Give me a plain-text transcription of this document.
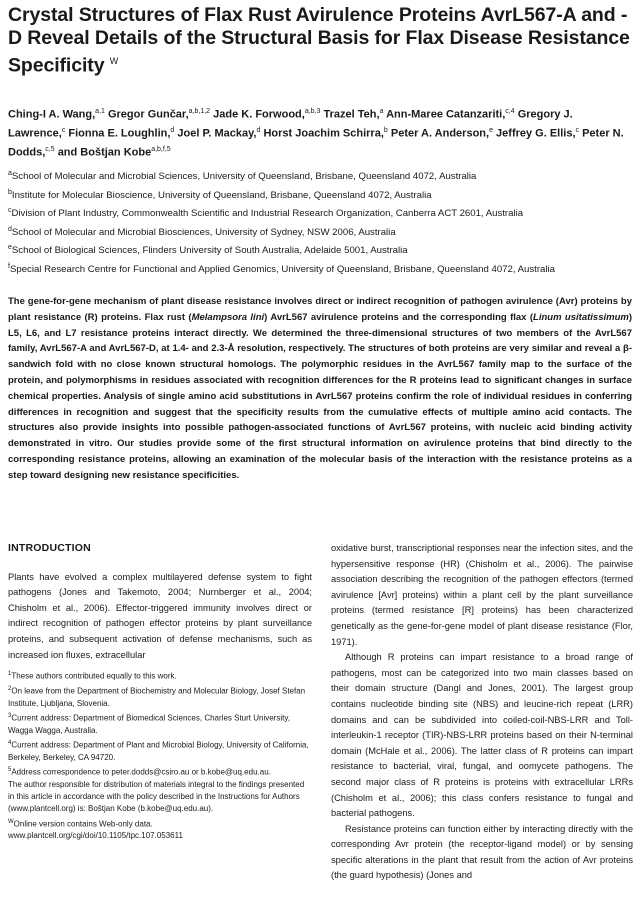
Crystal Structures of Flax Rust Avirulence Proteins AvrL567-A and -D Reveal Details of the Structural Basis for Flax Disease Resistance Specificity $^W$
Ching-I A. Wang,$^{a,1}$ Gregor Gunčar,$^{a,b,1,2}$ Jade K. Forwood,$^{a,b,3}$ Trazel Teh,$^a$ Ann-Maree Catanzariti,$^{c,4}$ Gregory J. Lawrence,$^c$ Fionna E. Loughlin,$^d$ Joel P. Mackay,$^d$ Horst Joachim Schirra,$^b$ Peter A. Anderson,$^e$ Jeffrey G. Ellis,$^c$ Peter N. Dodds,$^{c,5}$ and Boštjan Kobe$^{a,b,f,5}$
$^a$School of Molecular and Microbial Sciences, University of Queensland, Brisbane, Queensland 4072, Australia
$^b$Institute for Molecular Bioscience, University of Queensland, Brisbane, Queensland 4072, Australia
$^c$Division of Plant Industry, Commonwealth Scientific and Industrial Research Organization, Canberra ACT 2601, Australia
$^d$School of Molecular and Microbial Biosciences, University of Sydney, NSW 2006, Australia
$^e$School of Biological Sciences, Flinders University of South Australia, Adelaide 5001, Australia
$^f$Special Research Centre for Functional and Applied Genomics, University of Queensland, Brisbane, Queensland 4072, Australia
The gene-for-gene mechanism of plant disease resistance involves direct or indirect recognition of pathogen avirulence (Avr) proteins by plant resistance (R) proteins. Flax rust (Melampsora lini) AvrL567 avirulence proteins and the corresponding flax (Linum usitatissimum) L5, L6, and L7 resistance proteins interact directly. We determined the three-dimensional structures of two members of the AvrL567 family, AvrL567-A and AvrL567-D, at 1.4- and 2.3-Å resolution, respectively. The structures of both proteins are very similar and reveal a β-sandwich fold with no close known structural homologs. The polymorphic residues in the AvrL567 family map to the surface of the protein, and polymorphisms in residues associated with recognition differences for the R proteins lead to significant changes in surface chemical properties. Analysis of single amino acid substitutions in AvrL567 proteins confirm the role of individual residues in conferring differences in recognition and suggest that the specificity results from the cumulative effects of multiple amino acid contacts. The structures also provide insights into possible pathogen-associated functions of AvrL567 proteins, with nucleic acid binding activity demonstrated in vitro. Our studies provide some of the first structural information on avirulence proteins that bind directly to the corresponding resistance proteins, allowing an examination of the molecular basis of the interaction with the resistance proteins as a step toward designing new resistance specificities.
INTRODUCTION
Plants have evolved a complex multilayered defense system to fight pathogens (Jones and Takemoto, 2004; Nurnberger et al., 2004; Chisholm et al., 2006). Effector-triggered immunity involves direct or indirect recognition of pathogen effector proteins by plant surveillance proteins, and subsequent activation of defense mechanisms, such as increased ion fluxes, extracellular
$^1$These authors contributed equally to this work.
$^2$On leave from the Department of Biochemistry and Molecular Biology, Josef Stefan Institute, Ljubljana, Slovenia.
$^3$Current address: Department of Biomedical Sciences, Charles Sturt University, Wagga Wagga, Australia.
$^4$Current address: Department of Plant and Microbial Biology, University of California, Berkeley, Berkeley, CA 94720.
$^5$Address correspondence to peter.dodds@csiro.au or b.kobe@uq.edu.au.
The author responsible for distribution of materials integral to the findings presented in this article in accordance with the policy described in the Instructions for Authors (www.plantcell.org) is: Boštjan Kobe (b.kobe@uq.edu.au).
$^W$Online version contains Web-only data.
www.plantcell.org/cgi/doi/10.1105/tpc.107.053611
oxidative burst, transcriptional responses near the infection sites, and the hypersensitive response (HR) (Chisholm et al., 2006). The pairwise association describing the recognition of the pathogen effectors (termed avirulence [Avr] proteins) within a plant cell by the plant surveillance proteins (termed resistance [R] proteins) has been characterized genetically as the gene-for-gene model of plant disease resistance (Flor, 1971).
Although R proteins can impart resistance to a broad range of pathogens, most can be categorized into two main classes based on their domain structure (Dangl and Jones, 2001). The largest group contains nucleotide binding site (NBS) and leucine-rich repeat (LRR) domains and can be subdivided into coiled-coil-NBS-LRR and Toll-interleukin-1 receptor (TIR)-NBS-LRR proteins based on their N-terminal domain (McHale et al., 2006). The latter class of R proteins can impart resistance to bacterial, viral, fungal, and oomycete pathogens. The second major class of R proteins is proteins with extracellular LRRs (Chisholm et al., 2006); this class confers resistance to fungal and bacterial pathogens.
Resistance proteins can function either by interacting directly with the corresponding Avr protein (the receptor-ligand model) or by sensing specific alterations in the plant that result from the action of Avr proteins (the guard hypothesis) (Jones and
